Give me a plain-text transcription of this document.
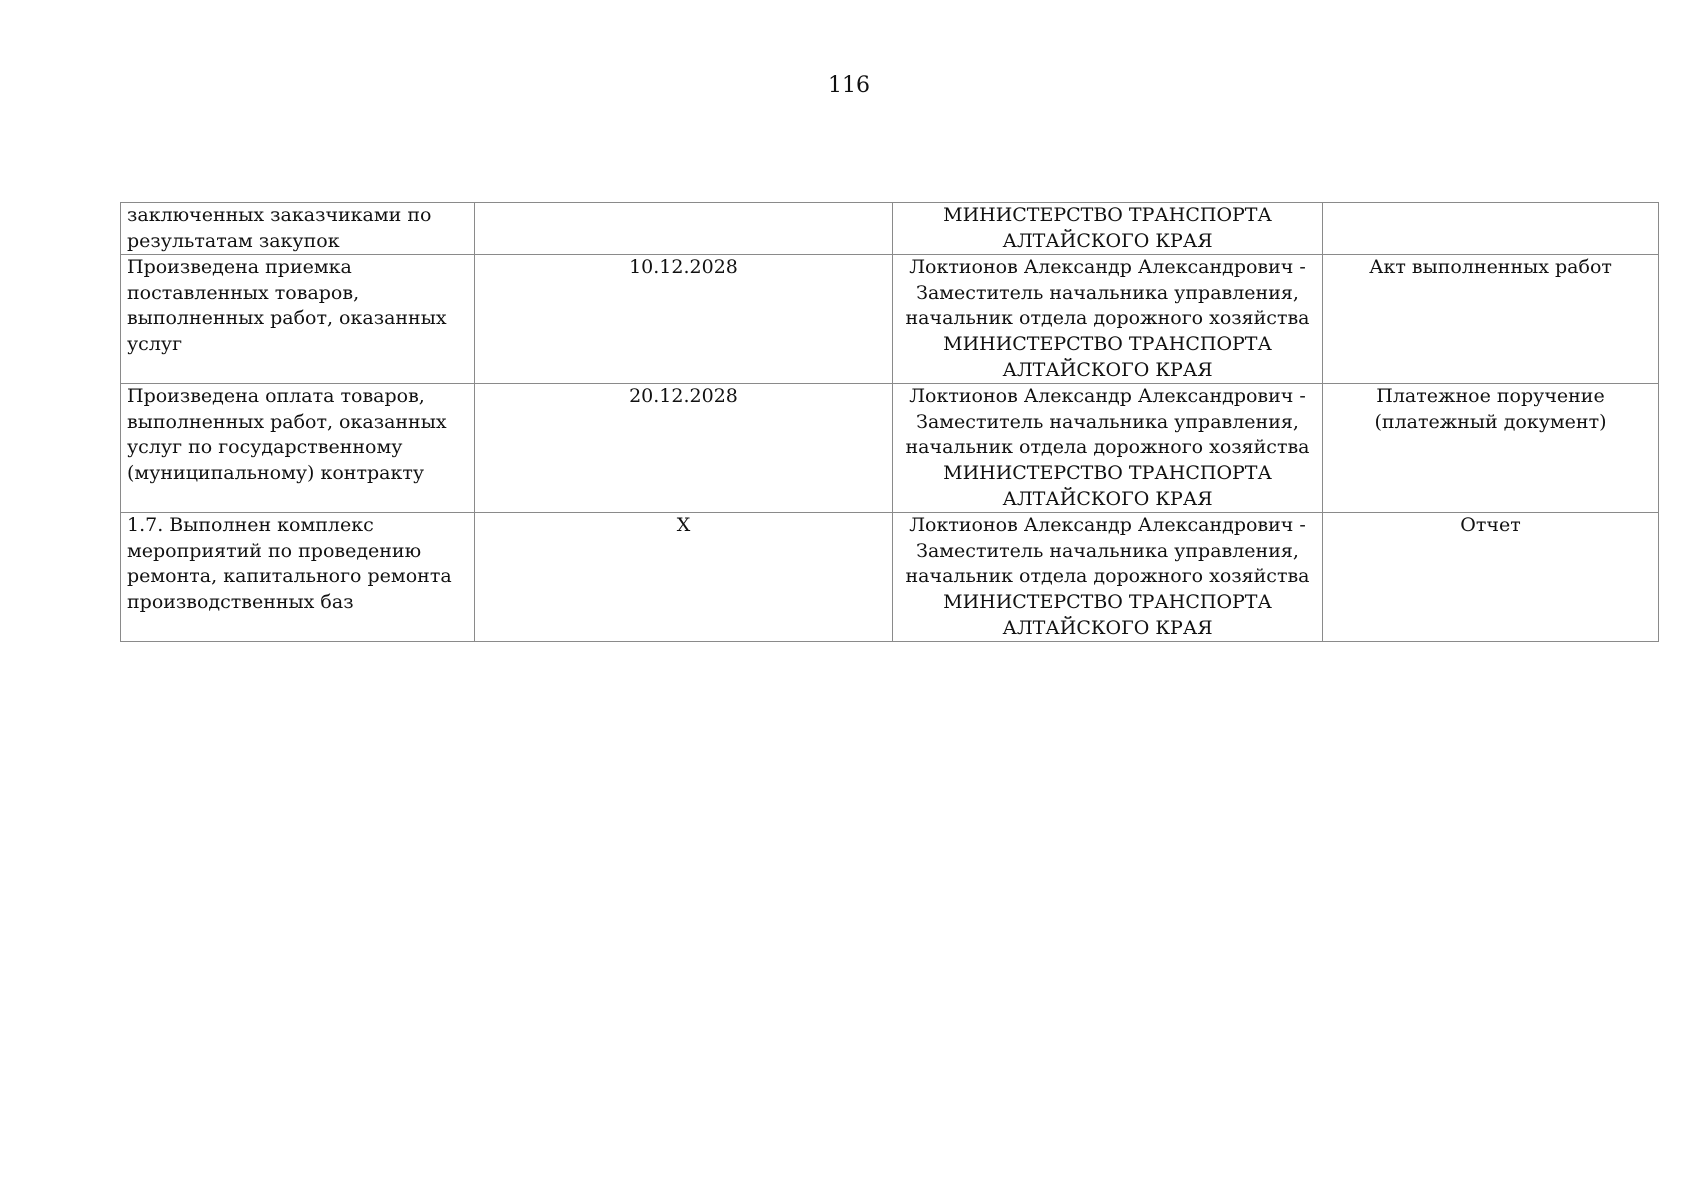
116
заключенных заказчиками по
результатам закупок		МИНИСТЕРСТВО ТРАНСПОРТА
АЛТАЙСКОГО КРАЯ	

Произведена приемка
поставленных товаров,
выполненных работ, оказанных
услуг	10.12.2028	Локтионов Александр Александрович -
Заместитель начальника управления,
начальник отдела дорожного хозяйства
МИНИСТЕРСТВО ТРАНСПОРТА
АЛТАЙСКОГО КРАЯ	Акт выполненных работ

Произведена оплата товаров,
выполненных работ, оказанных
услуг по государственному
(муниципальному) контракту	20.12.2028	Локтионов Александр Александрович -
Заместитель начальника управления,
начальник отдела дорожного хозяйства
МИНИСТЕРСТВО ТРАНСПОРТА
АЛТАЙСКОГО КРАЯ	Платежное поручение
(платежный документ)

1.7. Выполнен комплекс
мероприятий по проведению
ремонта, капитального ремонта
производственных баз	X	Локтионов Александр Александрович -
Заместитель начальника управления,
начальник отдела дорожного хозяйства
МИНИСТЕРСТВО ТРАНСПОРТА
АЛТАЙСКОГО КРАЯ	Отчет
